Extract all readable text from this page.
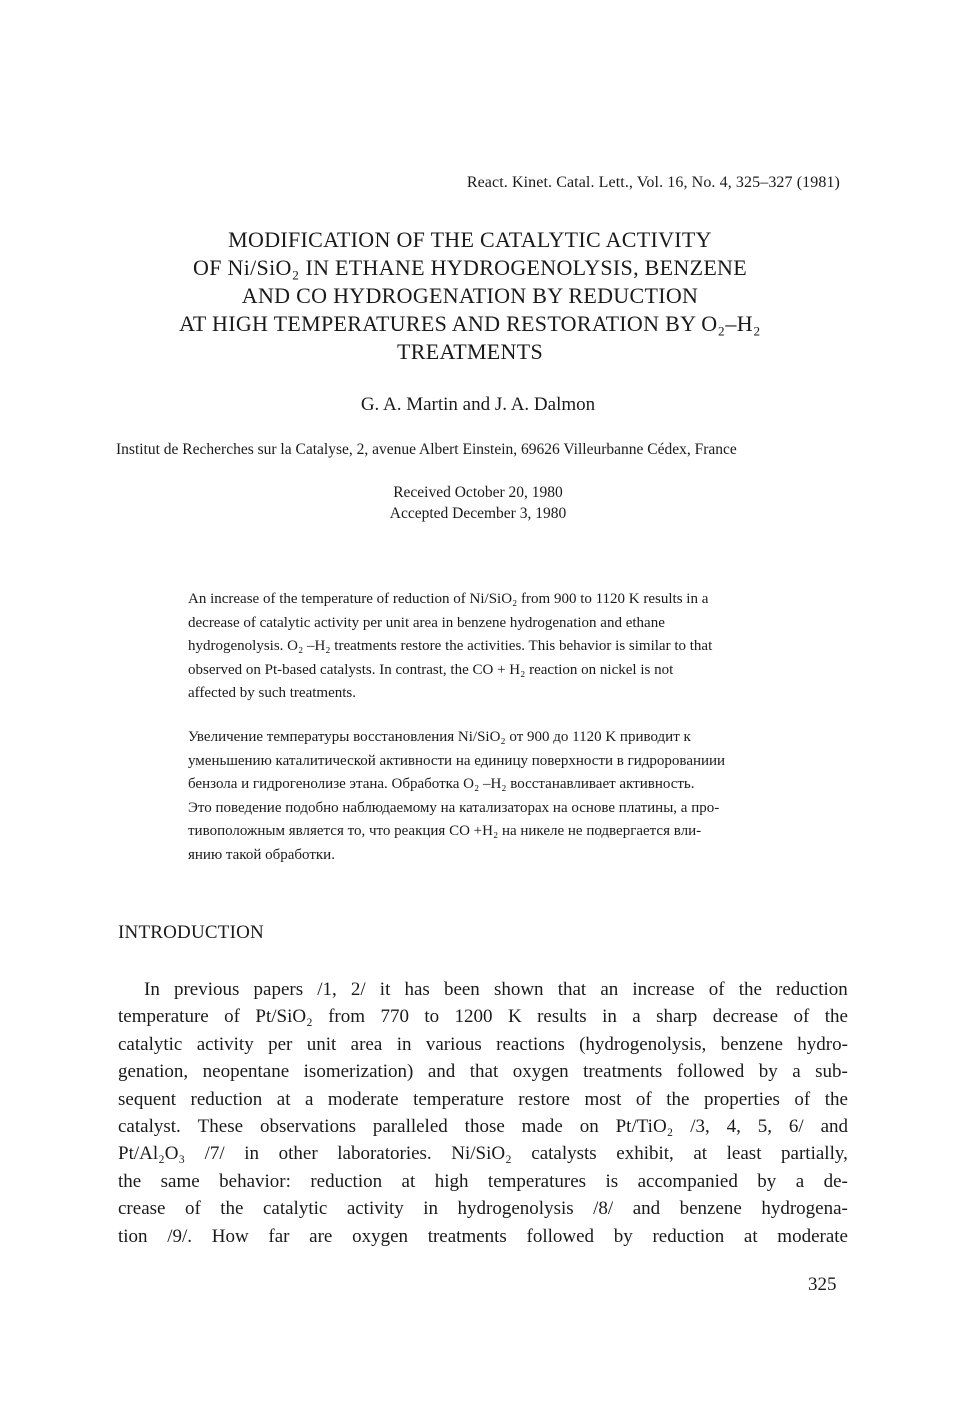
React. Kinet. Catal. Lett., Vol. 16, No. 4, 325–327 (1981)
MODIFICATION OF THE CATALYTIC ACTIVITY
OF Ni/SiO₂ IN ETHANE HYDROGENOLYSIS, BENZENE
AND CO HYDROGENATION BY REDUCTION
AT HIGH TEMPERATURES AND RESTORATION BY O₂–H₂
TREATMENTS
G. A. Martin and J. A. Dalmon
Institut de Recherches sur la Catalyse, 2, avenue Albert Einstein, 69626 Villeurbanne Cédex, France
Received October 20, 1980
Accepted December 3, 1980
An increase of the temperature of reduction of Ni/SiO₂ from 900 to 1120 K results in a
decrease of catalytic activity per unit area in benzene hydrogenation and ethane
hydrogenolysis. O₂ –H₂ treatments restore the activities. This behavior is similar to that
observed on Pt-based catalysts. In contrast, the CO + H₂ reaction on nickel is not
affected by such treatments.
Увеличение температуры восстановления Ni/SiO₂ от 900 до 1120 K приводит к
уменьшению каталитической активности на единицу поверхности в гидророваниии
бензола и гидрогенолизе этана. Обработка O₂ –H₂ восстанавливает активность.
Это поведение подобно наблюдаемому на катализаторах на основе платины, а про-
тивоположным является то, что реакция CO +H₂ на никеле не подвергается вли-
янию такой обработки.
INTRODUCTION
In previous papers /1, 2/ it has been shown that an increase of the reduction
temperature of Pt/SiO₂ from 770 to 1200 K results in a sharp decrease of the
catalytic activity per unit area in various reactions (hydrogenolysis, benzene hydro-
genation, neopentane isomerization) and that oxygen treatments followed by a sub-
sequent reduction at a moderate temperature restore most of the properties of the
catalyst. These observations paralleled those made on Pt/TiO₂ /3, 4, 5, 6/ and
Pt/Al₂O₃ /7/ in other laboratories. Ni/SiO₂ catalysts exhibit, at least partially,
the same behavior: reduction at high temperatures is accompanied by a de-
crease of the catalytic activity in hydrogenolysis /8/ and benzene hydrogena-
tion /9/. How far are oxygen treatments followed by reduction at moderate
325
